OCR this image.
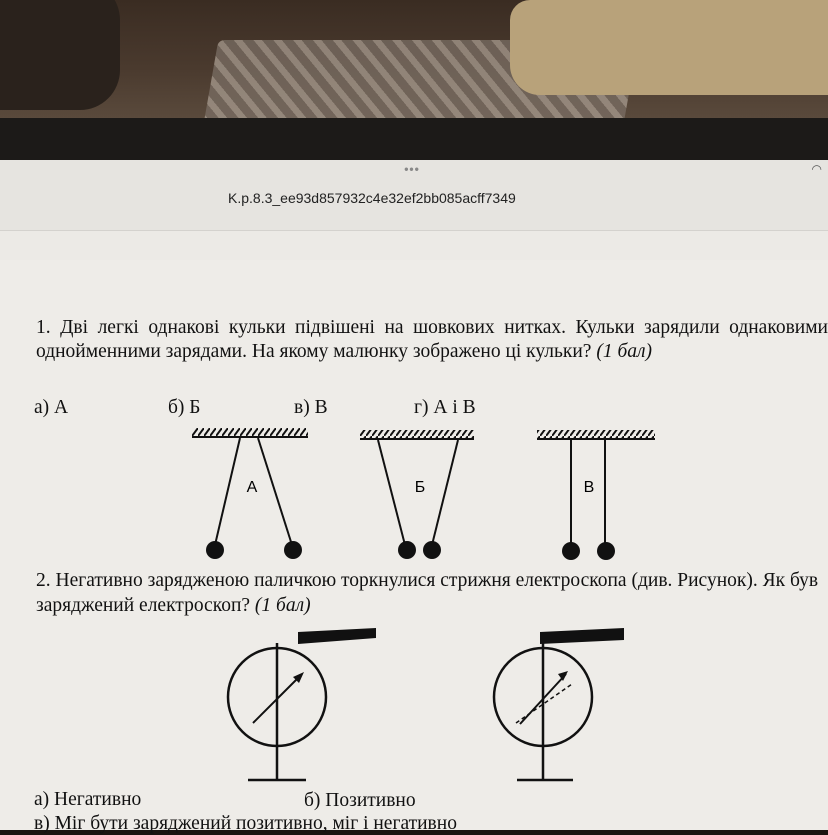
•••	◠
K.p.8.3_ee93d857932c4e32ef2bb085acff7349
1. Дві легкі однакові кульки підвішені на шовкових нитках. Кульки зарядили однаковими однойменними зарядами. На якому малюнку зображено ці кульки? (1 бал)
а) А	б) Б	в) В	г) А і В
А	Б	В
2. Негативно зарядженою паличкою торкнулися стрижня електроскопа (див. Рисунок). Як був заряджений електроскоп? (1 бал)
а) Негативно	б) Позитивно
в) Міг бути заряджений позитивно, міг і негативно
